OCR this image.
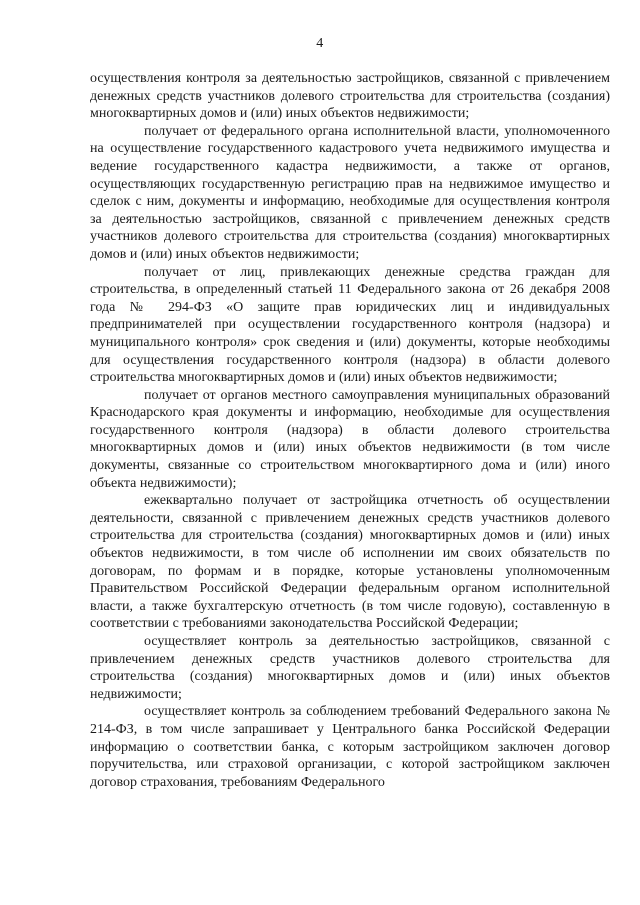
4

осуществления контроля за деятельностью застройщиков, связанной с привлечением денежных средств участников долевого строительства для строительства (создания) многоквартирных домов и (или) иных объектов недвижимости;

получает от федерального органа исполнительной власти, уполномоченного на осуществление государственного кадастрового учета недвижимого имущества и ведение государственного кадастра недвижимости, а также от органов, осуществляющих государственную регистрацию прав на недвижимое имущество и сделок с ним, документы и информацию, необходимые для осуществления контроля за деятельностью застройщиков, связанной с привлечением денежных средств участников долевого строительства для строительства (создания) многоквартирных домов и (или) иных объектов недвижимости;

получает от лиц, привлекающих денежные средства граждан для строительства, в определенный статьей 11 Федерального закона от 26 декабря 2008 года № 294-ФЗ «О защите прав юридических лиц и индивидуальных предпринимателей при осуществлении государственного контроля (надзора) и муниципального контроля» срок сведения и (или) документы, которые необходимы для осуществления государственного контроля (надзора) в области долевого строительства многоквартирных домов и (или) иных объектов недвижимости;

получает от органов местного самоуправления муниципальных образований Краснодарского края документы и информацию, необходимые для осуществления государственного контроля (надзора) в области долевого строительства многоквартирных домов и (или) иных объектов недвижимости (в том числе документы, связанные со строительством многоквартирного дома и (или) иного объекта недвижимости);

ежеквартально получает от застройщика отчетность об осуществлении деятельности, связанной с привлечением денежных средств участников долевого строительства для строительства (создания) многоквартирных домов и (или) иных объектов недвижимости, в том числе об исполнении им своих обязательств по договорам, по формам и в порядке, которые установлены уполномоченным Правительством Российской Федерации федеральным органом исполнительной власти, а также бухгалтерскую отчетность (в том числе годовую), составленную в соответствии с требованиями законодательства Российской Федерации;

осуществляет контроль за деятельностью застройщиков, связанной с привлечением денежных средств участников долевого строительства для строительства (создания) многоквартирных домов и (или) иных объектов недвижимости;

осуществляет контроль за соблюдением требований Федерального закона № 214-ФЗ, в том числе запрашивает у Центрального банка Российской Федерации информацию о соответствии банка, с которым застройщиком заключен договор поручительства, или страховой организации, с которой застройщиком заключен договор страхования, требованиям Федерального
